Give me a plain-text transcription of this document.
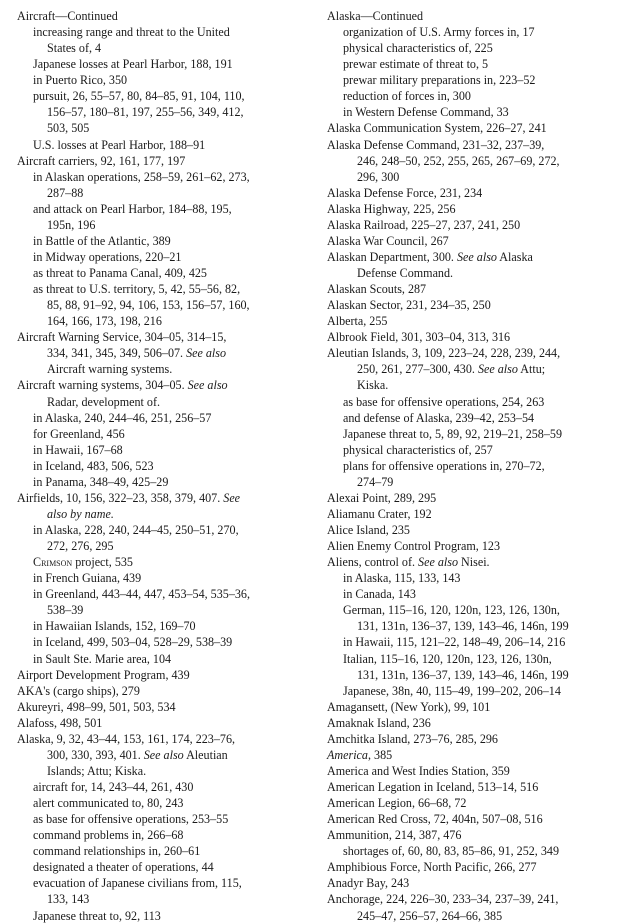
Aircraft—Continued
increasing range and threat to the United
States of, 4
Japanese losses at Pearl Harbor, 188, 191
in Puerto Rico, 350
pursuit, 26, 55–57, 80, 84–85, 91, 104, 110,
156–57, 180–81, 197, 255–56, 349, 412,
503, 505
U.S. losses at Pearl Harbor, 188–91
Aircraft carriers, 92, 161, 177, 197
in Alaskan operations, 258–59, 261–62, 273,
287–88
and attack on Pearl Harbor, 184–88, 195,
195n, 196
in Battle of the Atlantic, 389
in Midway operations, 220–21
as threat to Panama Canal, 409, 425
as threat to U.S. territory, 5, 42, 55–56, 82,
85, 88, 91–92, 94, 106, 153, 156–57, 160,
164, 166, 173, 198, 216
Aircraft Warning Service, 304–05, 314–15,
334, 341, 345, 349, 506–07. See also
Aircraft warning systems.
Aircraft warning systems, 304–05. See also
Radar, development of.
in Alaska, 240, 244–46, 251, 256–57
for Greenland, 456
in Hawaii, 167–68
in Iceland, 483, 506, 523
in Panama, 348–49, 425–29
Airfields, 10, 156, 322–23, 358, 379, 407. See
also by name.
in Alaska, 228, 240, 244–45, 250–51, 270,
272, 276, 295
Crimson project, 535
in French Guiana, 439
in Greenland, 443–44, 447, 453–54, 535–36,
538–39
in Hawaiian Islands, 152, 169–70
in Iceland, 499, 503–04, 528–29, 538–39
in Sault Ste. Marie area, 104
Airport Development Program, 439
AKA's (cargo ships), 279
Akureyri, 498–99, 501, 503, 534
Alafoss, 498, 501
Alaska, 9, 32, 43–44, 153, 161, 174, 223–76,
300, 330, 393, 401. See also Aleutian
Islands; Attu; Kiska.
aircraft for, 14, 243–44, 261, 430
alert communicated to, 80, 243
as base for offensive operations, 253–55
command problems in, 266–68
command relationships in, 260–61
designated a theater of operations, 44
evacuation of Japanese civilians from, 115,
133, 143
Japanese threat to, 92, 113
Alaska—Continued
organization of U.S. Army forces in, 17
physical characteristics of, 225
prewar estimate of threat to, 5
prewar military preparations in, 223–52
reduction of forces in, 300
in Western Defense Command, 33
Alaska Communication System, 226–27, 241
Alaska Defense Command, 231–32, 237–39,
246, 248–50, 252, 255, 265, 267–69, 272,
296, 300
Alaska Defense Force, 231, 234
Alaska Highway, 225, 256
Alaska Railroad, 225–27, 237, 241, 250
Alaska War Council, 267
Alaskan Department, 300. See also Alaska
Defense Command.
Alaskan Scouts, 287
Alaskan Sector, 231, 234–35, 250
Alberta, 255
Albrook Field, 301, 303–04, 313, 316
Aleutian Islands, 3, 109, 223–24, 228, 239, 244,
250, 261, 277–300, 430. See also Attu;
Kiska.
as base for offensive operations, 254, 263
and defense of Alaska, 239–42, 253–54
Japanese threat to, 5, 89, 92, 219–21, 258–59
physical characteristics of, 257
plans for offensive operations in, 270–72,
274–79
Alexai Point, 289, 295
Aliamanu Crater, 192
Alice Island, 235
Alien Enemy Control Program, 123
Aliens, control of. See also Nisei.
in Alaska, 115, 133, 143
in Canada, 143
German, 115–16, 120, 120n, 123, 126, 130n,
131, 131n, 136–37, 139, 143–46, 146n, 199
in Hawaii, 115, 121–22, 148–49, 206–14, 216
Italian, 115–16, 120, 120n, 123, 126, 130n,
131, 131n, 136–37, 139, 143–46, 146n, 199
Japanese, 38n, 40, 115–49, 199–202, 206–14
Amagansett, (New York), 99, 101
Amaknak Island, 236
Amchitka Island, 273–76, 285, 296
America, 385
America and West Indies Station, 359
American Legation in Iceland, 513–14, 516
American Legion, 66–68, 72
American Red Cross, 72, 404n, 507–08, 516
Ammunition, 214, 387, 476
shortages of, 60, 80, 83, 85–86, 91, 252, 349
Amphibious Force, North Pacific, 266, 277
Anadyr Bay, 243
Anchorage, 224, 226–30, 233–34, 237–39, 241,
245–47, 256–57, 264–66, 385
